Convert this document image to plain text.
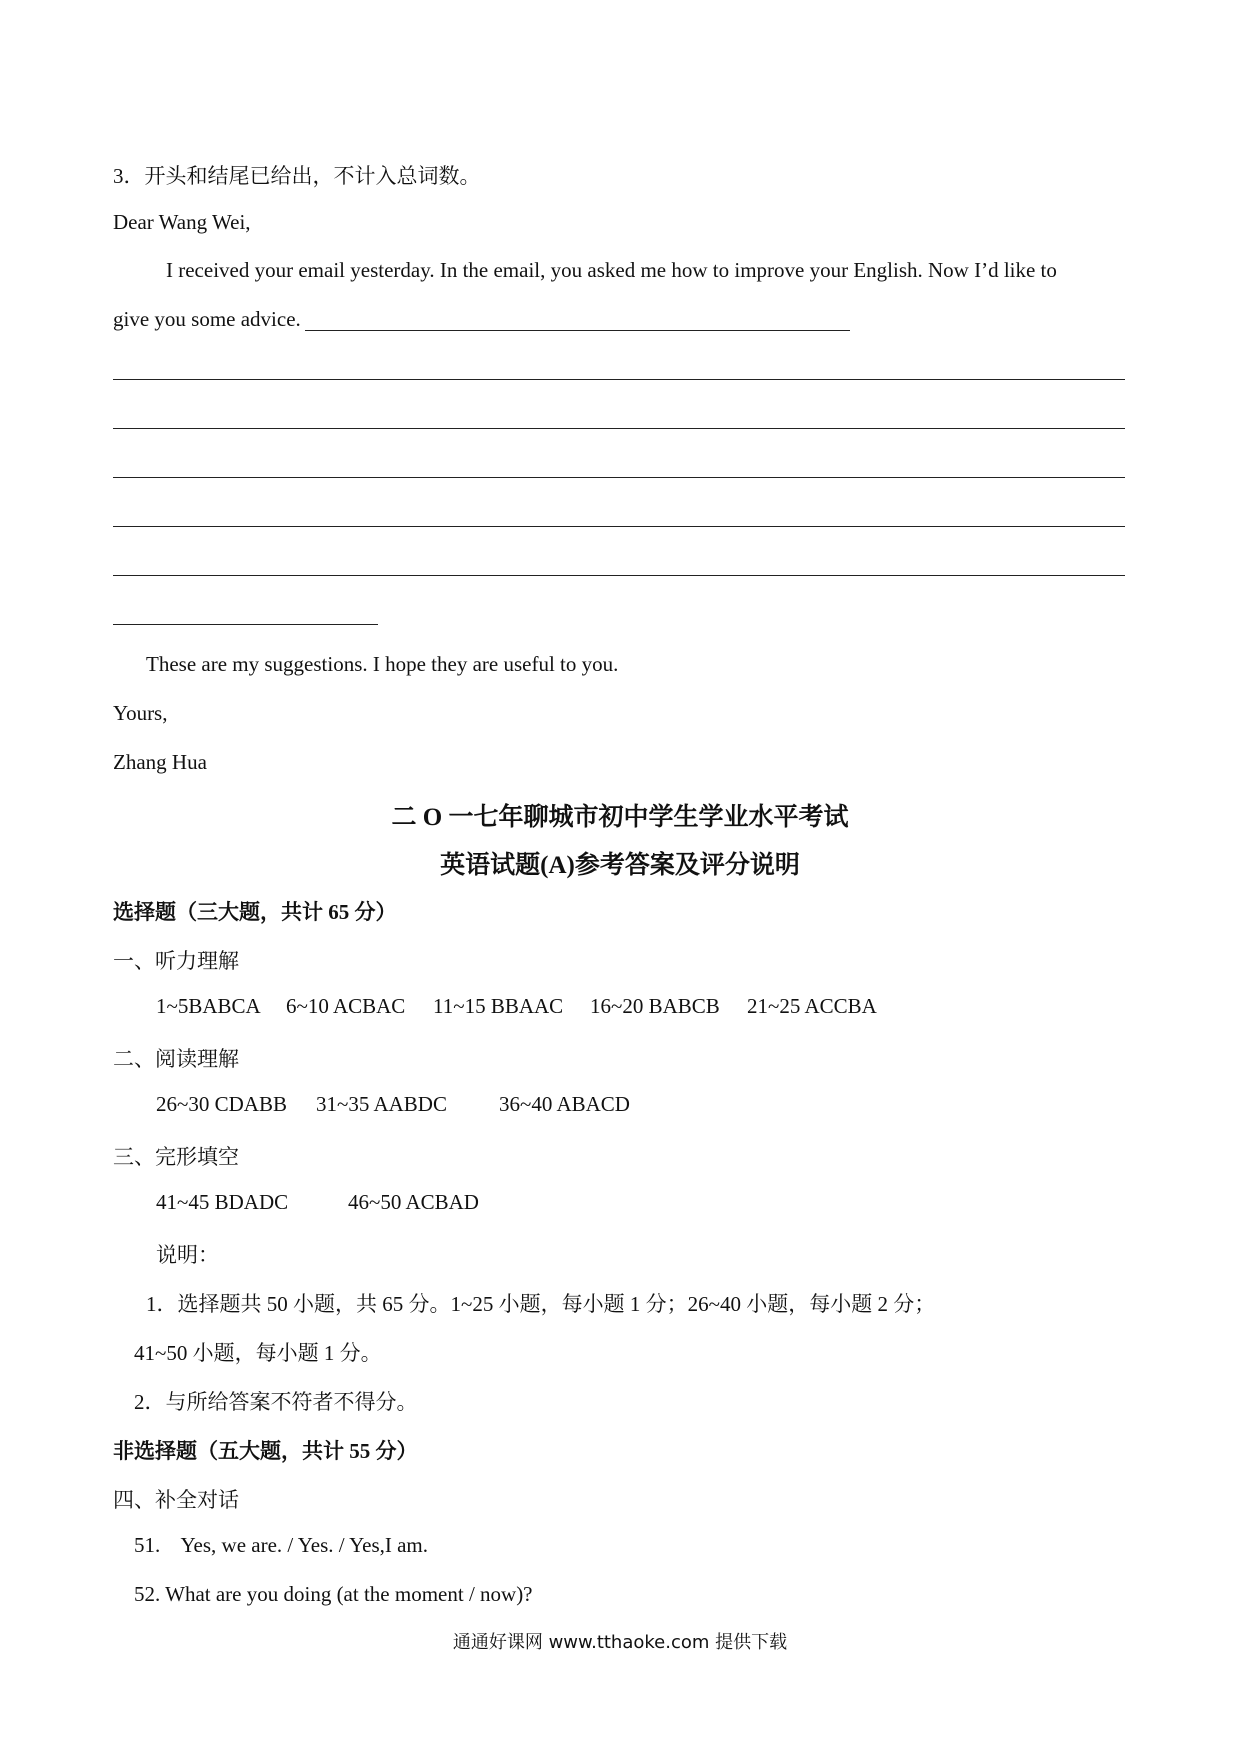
3．开头和结尾已给出，不计入总词数。
Dear Wang Wei,
I received your email yesterday. In the email, you asked me how to improve your English. Now I’d like to
give you some advice.
These are my suggestions. I hope they are useful to you.
Yours,
Zhang Hua
二 O 一七年聊城市初中学生学业水平考试
英语试题(A)参考答案及评分说明
选择题（三大题，共计 65 分）
一、听力理解
1~5BABCA 6~10 ACBAC 11~15 BBAAC 16~20 BABCB 21~25 ACCBA
二、阅读理解
26~30 CDABB 31~35 AABDC 36~40 ABACD
三、完形填空
41~45 BDADC	46~50 ACBAD
说明：
1．选择题共 50 小题，共 65 分。1~25 小题，每小题 1 分；26~40 小题，每小题 2 分；
41~50 小题，每小题 1 分。
2．与所给答案不符者不得分。
非选择题（五大题，共计 55 分）
四、补全对话
51.    Yes, we are. / Yes. / Yes,I am.
52. What are you doing (at the moment / now)?
通通好课网 www.tthaoke.com 提供下载
